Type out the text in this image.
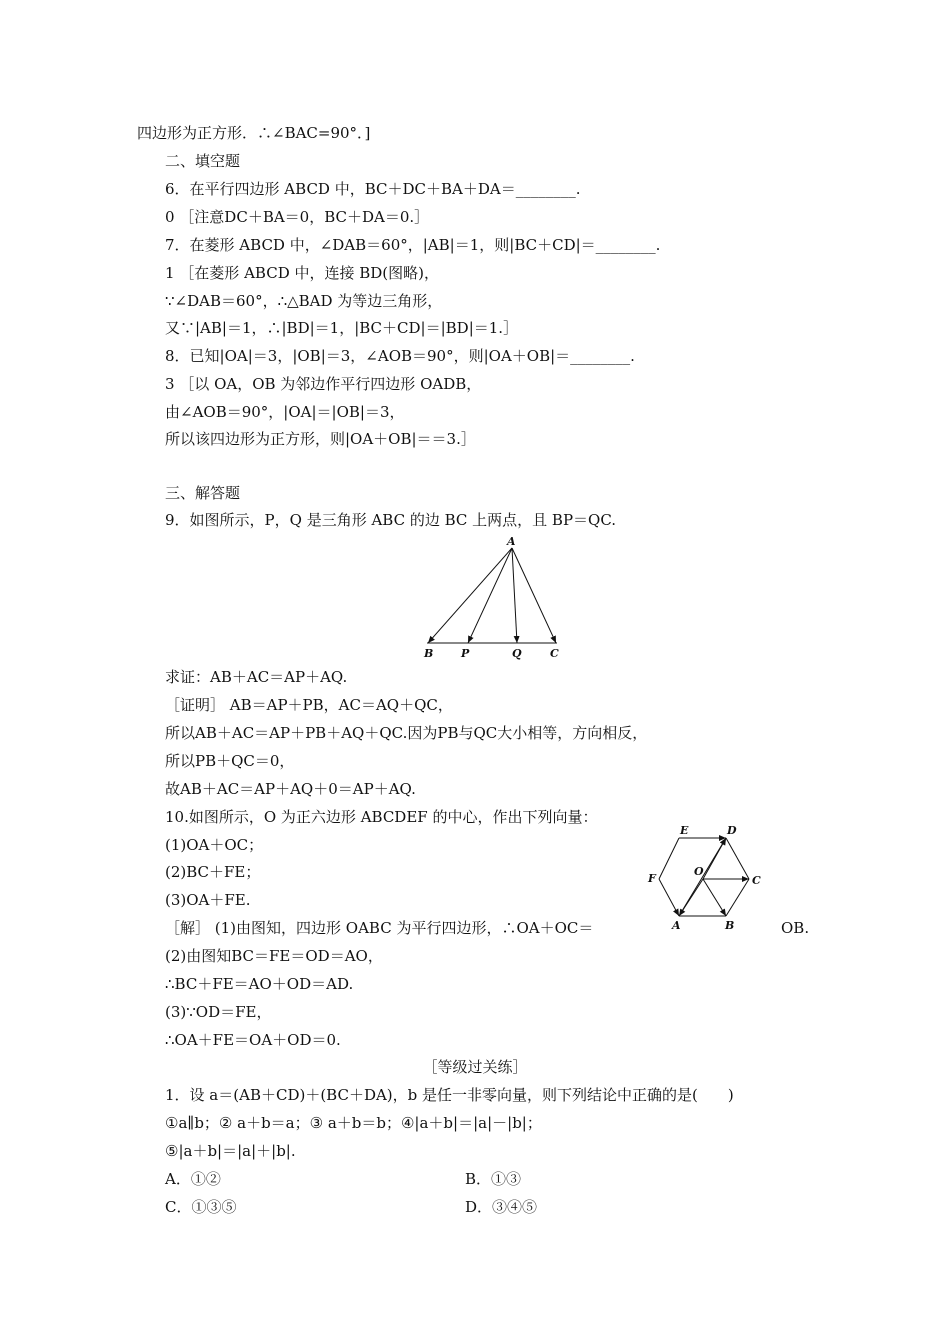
四边形为正方形．∴∠BAC=90°．]
二、填空题
6．在平行四边形 ABCD 中，BC＋DC＋BA＋DA＝________.
0 ［注意DC＋BA＝0，BC＋DA＝0.］
7．在菱形 ABCD 中，∠DAB＝60°，|AB|＝1，则|BC＋CD|＝________.
1 ［在菱形 ABCD 中，连接 BD(图略)，
∵∠DAB＝60°，∴△BAD 为等边三角形，
又∵|AB|＝1，∴|BD|＝1，|BC＋CD|＝|BD|＝1.］
8．已知|OA|＝3，|OB|＝3，∠AOB＝90°，则|OA＋OB|＝________.
3 ［以 OA，OB 为邻边作平行四边形 OADB，
由∠AOB＝90°，|OA|＝|OB|＝3，
所以该四边形为正方形，则|OA＋OB|＝＝3.］
三、解答题
9．如图所示，P，Q 是三角形 ABC 的边 BC 上两点，且 BP＝QC.
A
B	P	Q	C
求证：AB＋AC＝AP＋AQ.
［证明］ AB＝AP＋PB，AC＝AQ＋QC，
所以AB＋AC＝AP＋PB＋AQ＋QC.因为PB与QC大小相等，方向相反，
所以PB＋QC＝0，
故AB＋AC＝AP＋AQ＋0＝AP＋AQ.
10.如图所示，O 为正六边形 ABCDEF 的中心，作出下列向量：
(1)OA＋OC；
(2)BC＋FE；
(3)OA＋FE.
［解］ (1)由图知，四边形 OABC 为平行四边形，∴OA＋OC＝	OB.
E	D
F
O
C
A	B
(2)由图知BC＝FE＝OD＝AO，
∴BC＋FE＝AO＋OD＝AD.
(3)∵OD＝FE，
∴OA＋FE＝OA＋OD＝0.
［等级过关练］
1．设 a＝(AB＋CD)＋(BC＋DA)，b 是任一非零向量，则下列结论中正确的是(　　)
①a∥b；② a＋b＝a；③ a＋b＝b；④|a＋b|＝|a|－|b|；
⑤|a＋b|＝|a|＋|b|.
A．①②	B．①③
C．①③⑤	D．③④⑤
